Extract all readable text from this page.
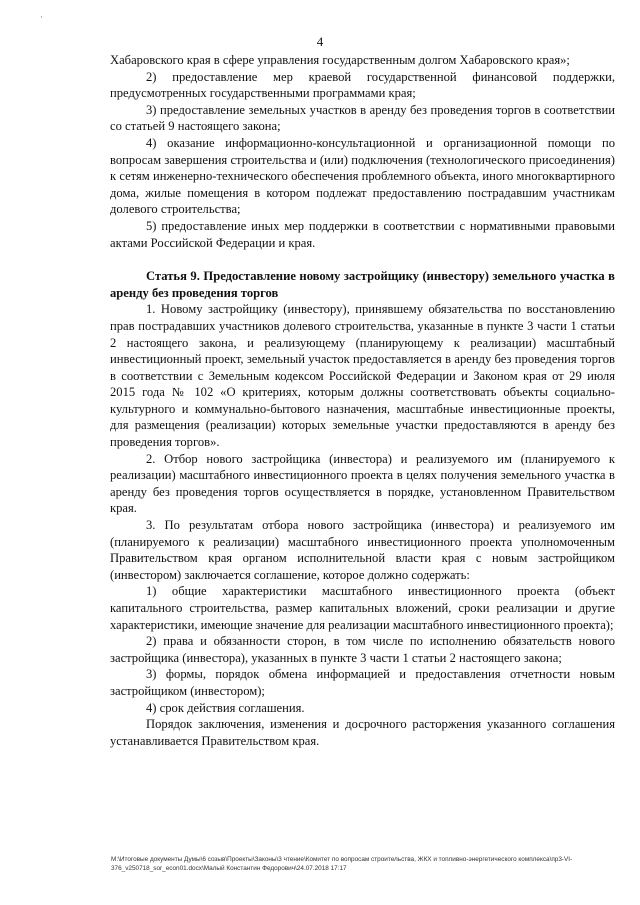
·
4

Хабаровского края в сфере управления государственным долгом Хабаровского края»;

2) предоставление мер краевой государственной финансовой поддержки, предусмотренных государственными программами края;

3) предоставление земельных участков в аренду без проведения торгов в соответствии со статьей 9 настоящего закона;

4) оказание информационно-консультационной и организационной помощи по вопросам завершения строительства и (или) подключения (технологического присоединения) к сетям инженерно-технического обеспечения проблемного объекта, иного многоквартирного дома, жилые помещения в котором подлежат предоставлению пострадавшим участникам долевого строительства;

5) предоставление иных мер поддержки в соответствии с нормативными правовыми актами Российской Федерации и края.

Статья 9. Предоставление новому застройщику (инвестору) земельного участка в аренду без проведения торгов

1. Новому застройщику (инвестору), принявшему обязательства по восстановлению прав пострадавших участников долевого строительства, указанные в пункте 3 части 1 статьи 2 настоящего закона, и реализующему (планирующему к реализации) масштабный инвестиционный проект, земельный участок предоставляется в аренду без проведения торгов в соответствии с Земельным кодексом Российской Федерации и Законом края от 29 июля 2015 года № 102 «О критериях, которым должны соответствовать объекты социально-культурного и коммунально-бытового назначения, масштабные инвестиционные проекты, для размещения (реализации) которых земельные участки предоставляются в аренду без проведения торгов».

2. Отбор нового застройщика (инвестора) и реализуемого им (планируемого к реализации) масштабного инвестиционного проекта в целях получения земельного участка в аренду без проведения торгов осуществляется в порядке, установленном Правительством края.

3. По результатам отбора нового застройщика (инвестора) и реализуемого им (планируемого к реализации) масштабного инвестиционного проекта уполномоченным Правительством края органом исполнительной власти края с новым застройщиком (инвестором) заключается соглашение, которое должно содержать:

1) общие характеристики масштабного инвестиционного проекта (объект капитального строительства, размер капитальных вложений, сроки реализации и другие характеристики, имеющие значение для реализации масштабного инвестиционного проекта);

2) права и обязанности сторон, в том числе по исполнению обязательств нового застройщика (инвестора), указанных в пункте 3 части 1 статьи 2 настоящего закона;

3) формы, порядок обмена информацией и предоставления отчетности новым застройщиком (инвестором);

4) срок действия соглашения.

Порядок заключения, изменения и досрочного расторжения указанного соглашения устанавливается Правительством края.

M:\Итоговые документы Думы\6 созыв\Проекты\Законы\3 чтение\Комитет по вопросам строительства, ЖКХ и топливно-энергетического комплекса\пр3-VI-376_v250718_sor_econ01.docx\Малый Константин Федорович\24.07.2018 17:17
